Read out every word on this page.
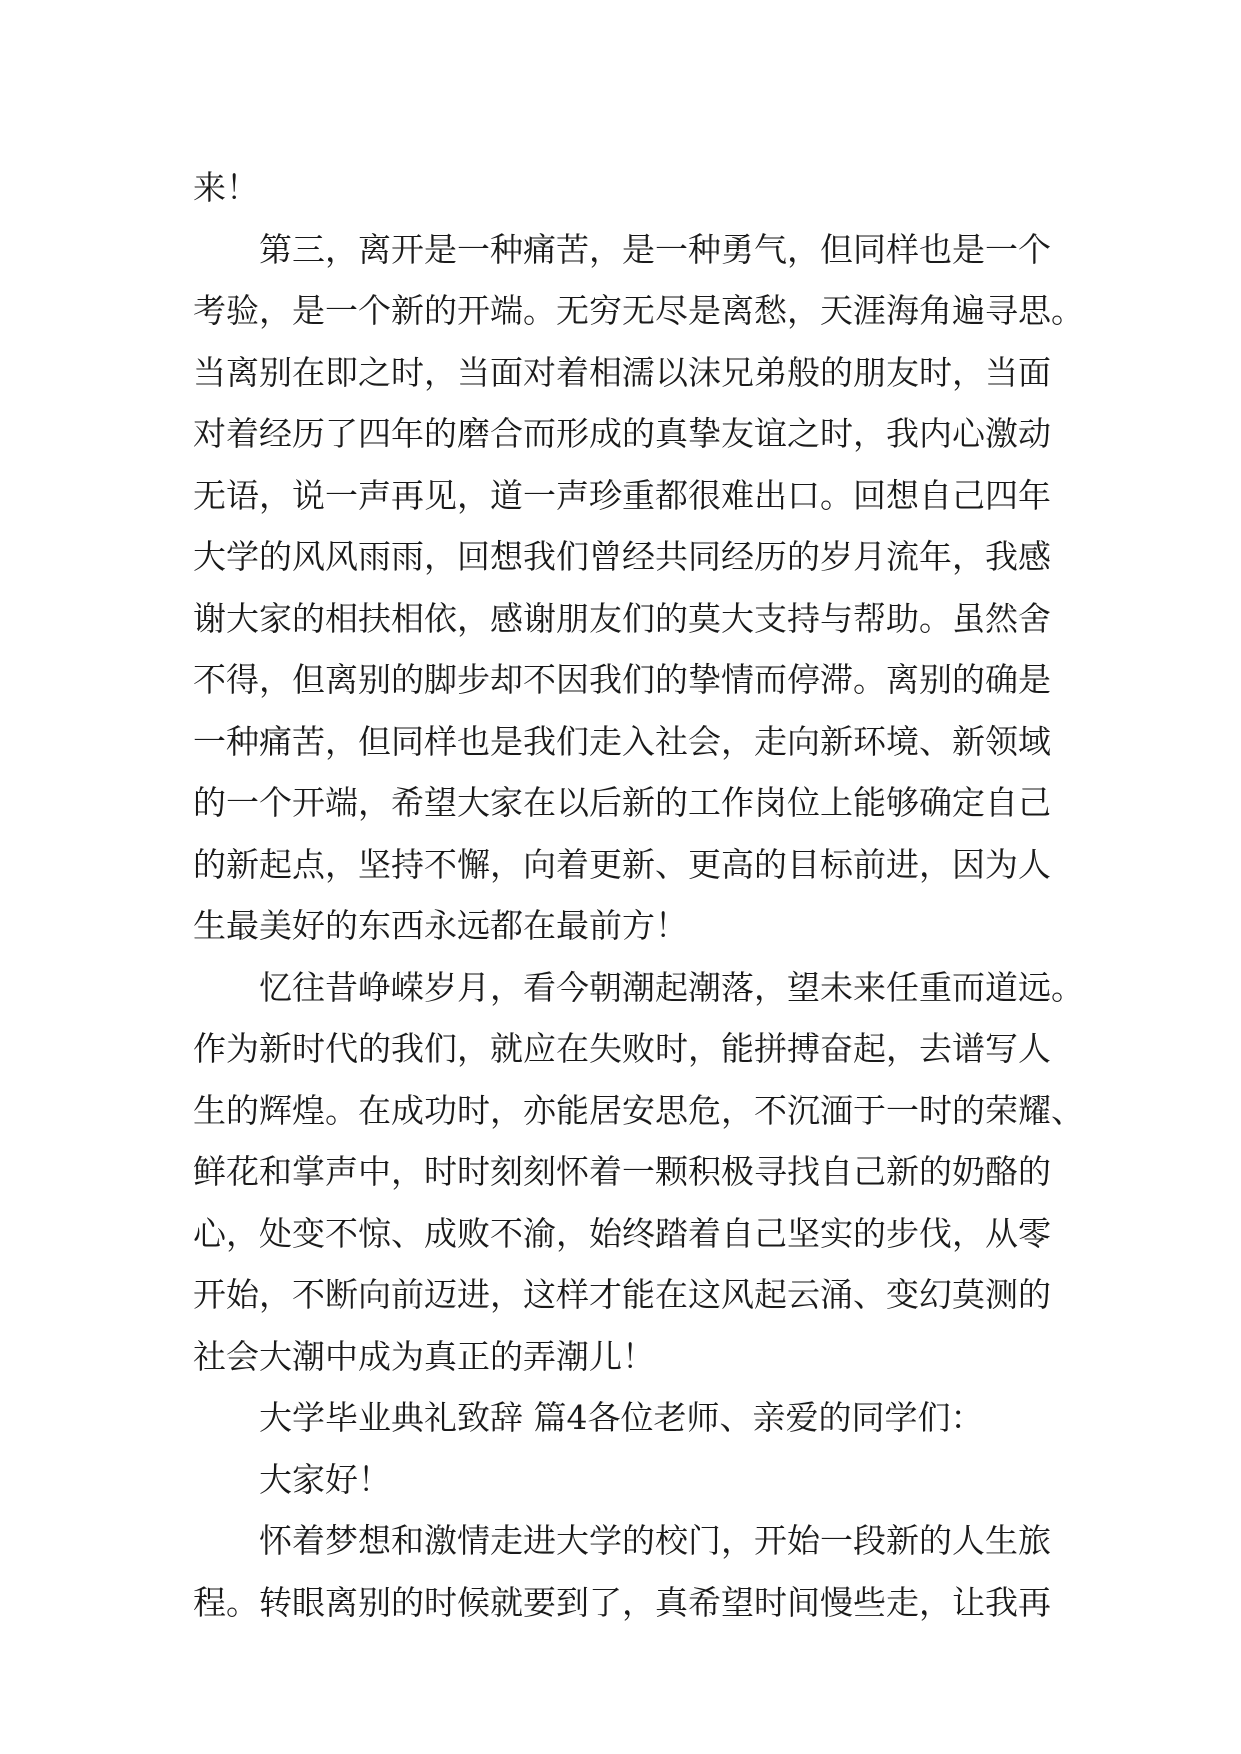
来！
第三，离开是一种痛苦，是一种勇气，但同样也是一个
考验，是一个新的开端。无穷无尽是离愁，天涯海角遍寻思。
当离别在即之时，当面对着相濡以沫兄弟般的朋友时，当面
对着经历了四年的磨合而形成的真挚友谊之时，我内心激动
无语，说一声再见，道一声珍重都很难出口。回想自己四年
大学的风风雨雨，回想我们曾经共同经历的岁月流年，我感
谢大家的相扶相依，感谢朋友们的莫大支持与帮助。虽然舍
不得，但离别的脚步却不因我们的挚情而停滞。离别的确是
一种痛苦，但同样也是我们走入社会，走向新环境、新领域
的一个开端，希望大家在以后新的工作岗位上能够确定自己
的新起点，坚持不懈，向着更新、更高的目标前进，因为人
生最美好的东西永远都在最前方！
忆往昔峥嵘岁月，看今朝潮起潮落，望未来任重而道远。
作为新时代的我们，就应在失败时，能拼搏奋起，去谱写人
生的辉煌。在成功时，亦能居安思危，不沉湎于一时的荣耀、
鲜花和掌声中，时时刻刻怀着一颗积极寻找自己新的奶酪的
心，处变不惊、成败不渝，始终踏着自己坚实的步伐，从零
开始，不断向前迈进，这样才能在这风起云涌、变幻莫测的
社会大潮中成为真正的弄潮儿！
大学毕业典礼致辞 篇4各位老师、亲爱的同学们：
大家好！
怀着梦想和激情走进大学的校门，开始一段新的人生旅
程。转眼离别的时候就要到了，真希望时间慢些走，让我再
